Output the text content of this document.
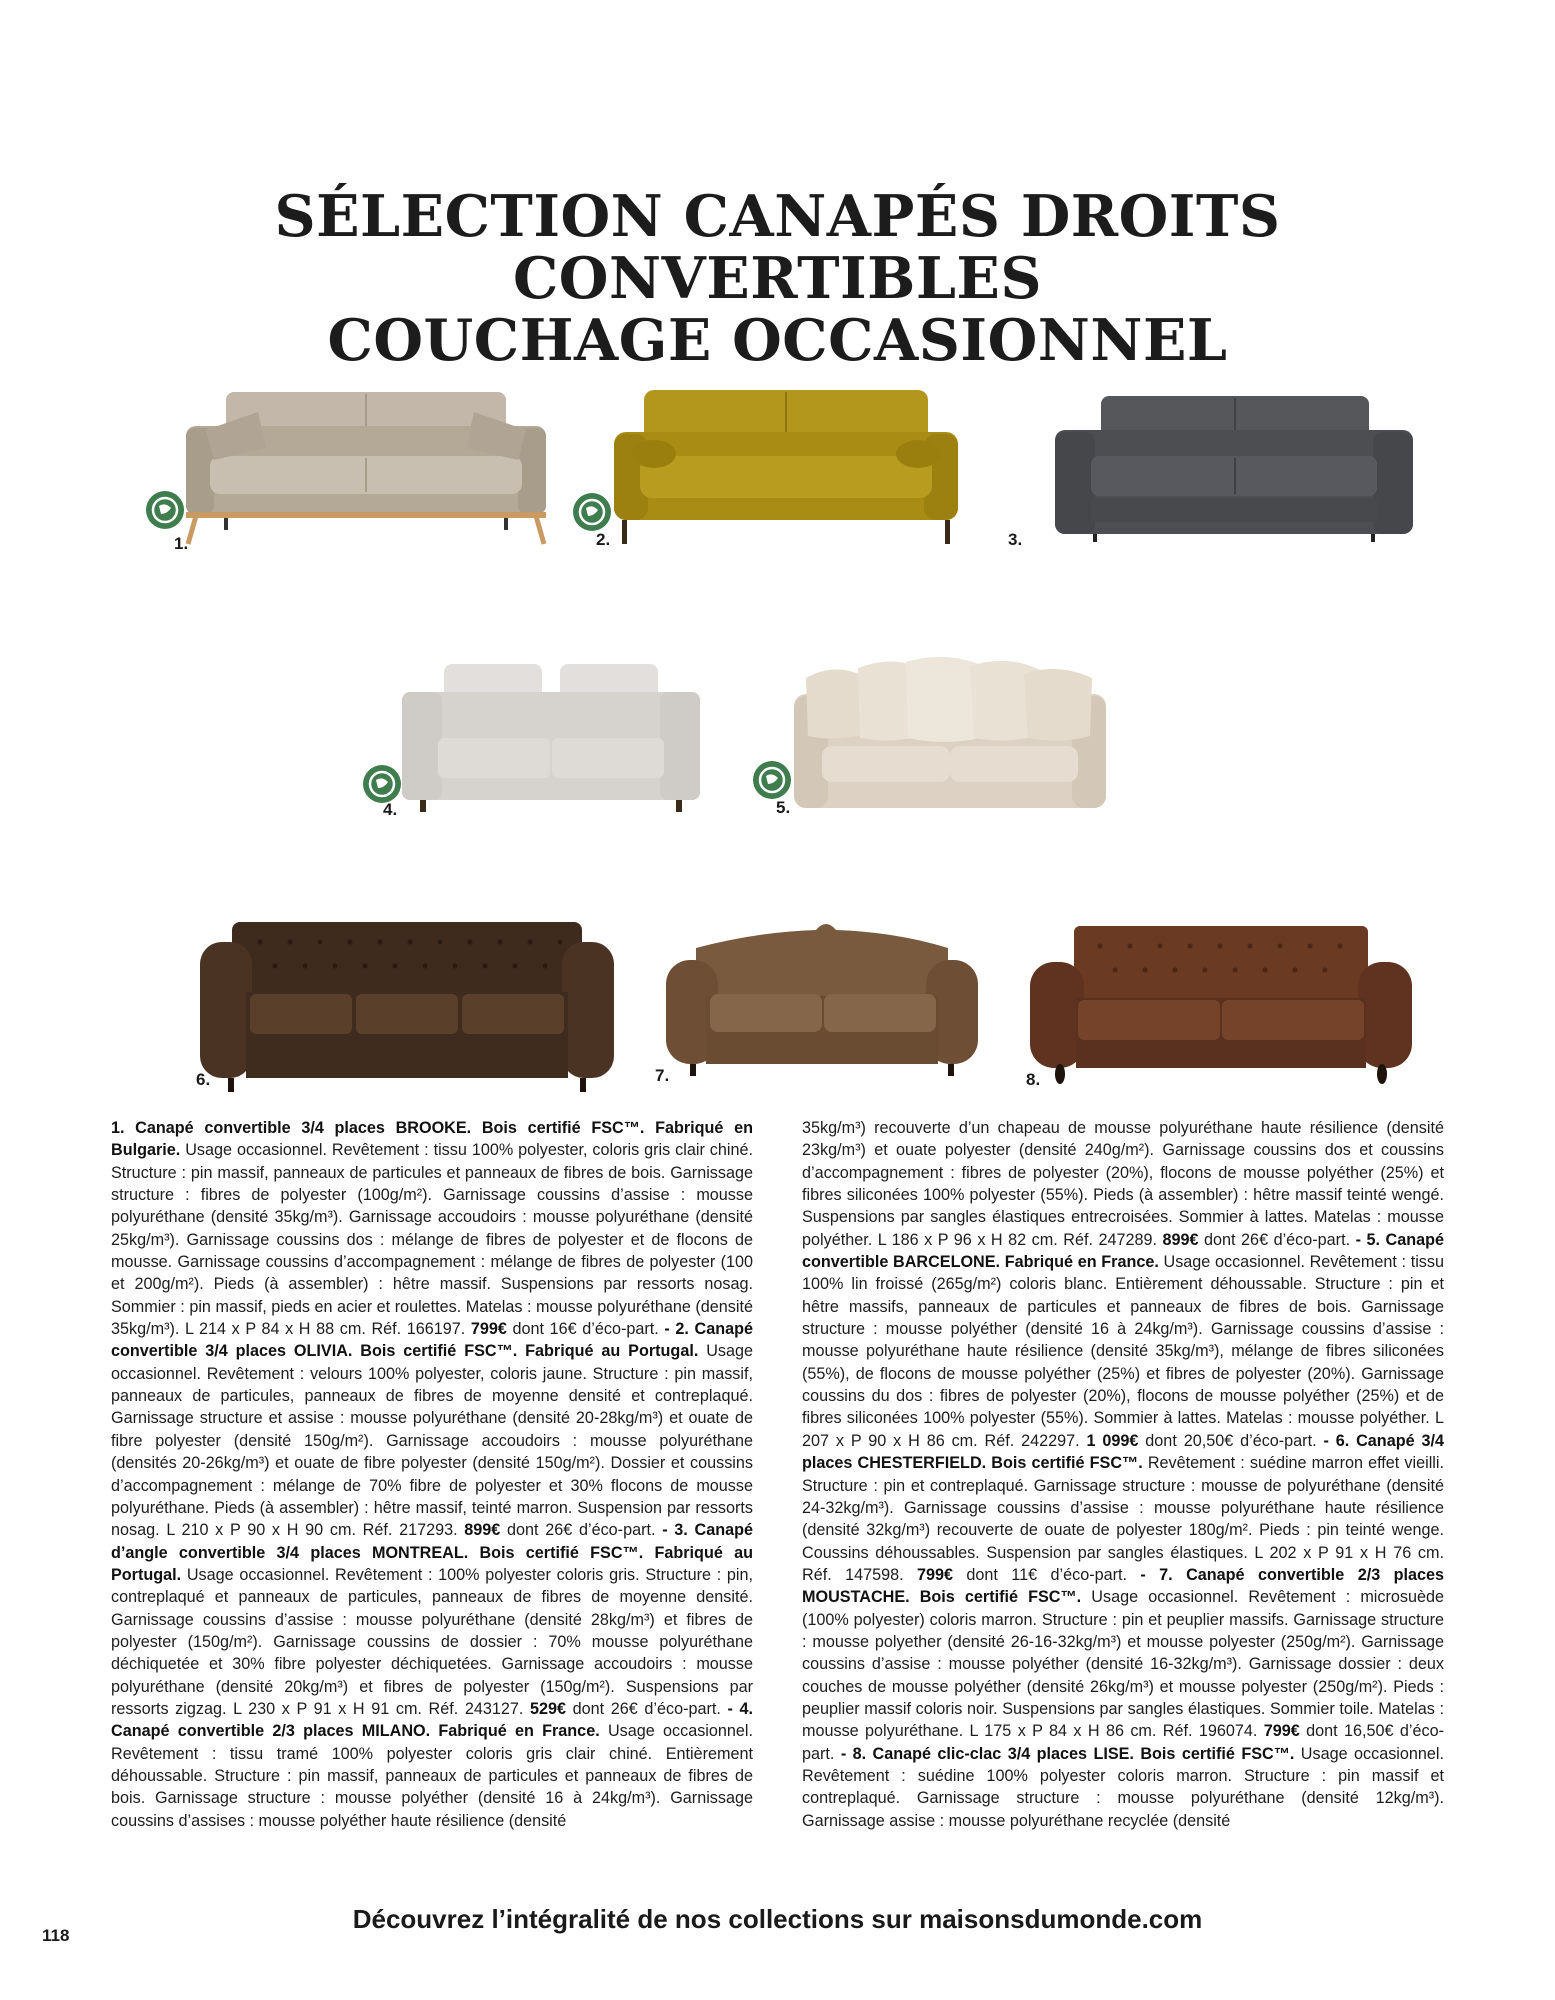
SÉLECTION CANAPÉS DROITS CONVERTIBLES
COUCHAGE OCCASIONNEL
1.	2.	3.
4.	5.
6.	7.	8.
1. Canapé convertible 3/4 places BROOKE. Bois certifié FSC™. Fabriqué en Bulgarie. Usage occasionnel. Revêtement : tissu 100% polyester, coloris gris clair chiné. Structure : pin massif, panneaux de particules et panneaux de fibres de bois. Garnissage structure : fibres de polyester (100g/m²). Garnissage coussins d’assise : mousse polyuréthane (densité 35kg/m³). Garnissage accoudoirs : mousse polyuréthane (densité 25kg/m³). Garnissage coussins dos : mélange de fibres de polyester et de flocons de mousse. Garnissage coussins d’accompagnement : mélange de fibres de polyester (100 et 200g/m²). Pieds (à assembler) : hêtre massif. Suspensions par ressorts nosag. Sommier : pin massif, pieds en acier et roulettes. Matelas : mousse polyuréthane (densité 35kg/m³). L 214 x P 84 x H 88 cm. Réf. 166197. 799€ dont 16€ d’éco-part. - 2. Canapé convertible 3/4 places OLIVIA. Bois certifié FSC™. Fabriqué au Portugal. Usage occasionnel. Revêtement : velours 100% polyester, coloris jaune. Structure : pin massif, panneaux de particules, panneaux de fibres de moyenne densité et contreplaqué. Garnissage structure et assise : mousse polyuréthane (densité 20-28kg/m³) et ouate de fibre polyester (densité 150g/m²). Garnissage accoudoirs : mousse polyuréthane (densités 20-26kg/m³) et ouate de fibre polyester (densité 150g/m²). Dossier et coussins d’accompagnement : mélange de 70% fibre de polyester et 30% flocons de mousse polyuréthane. Pieds (à assembler) : hêtre massif, teinté marron. Suspension par ressorts nosag. L 210 x P 90 x H 90 cm. Réf. 217293. 899€ dont 26€ d’éco-part. - 3. Canapé d’angle convertible 3/4 places MONTREAL. Bois certifié FSC™. Fabriqué au Portugal. Usage occasionnel. Revêtement : 100% polyester coloris gris. Structure : pin, contreplaqué et panneaux de particules, panneaux de fibres de moyenne densité. Garnissage coussins d’assise : mousse polyuréthane (densité 28kg/m³) et fibres de polyester (150g/m²). Garnissage coussins de dossier : 70% mousse polyuréthane déchiquetée et 30% fibre polyester déchiquetées. Garnissage accoudoirs : mousse polyuréthane (densité 20kg/m³) et fibres de polyester (150g/m²). Suspensions par ressorts zigzag. L 230 x P 91 x H 91 cm. Réf. 243127. 529€ dont 26€ d’éco-part. - 4. Canapé convertible 2/3 places MILANO. Fabriqué en France. Usage occasionnel. Revêtement : tissu tramé 100% polyester coloris gris clair chiné. Entièrement déhoussable. Structure : pin massif, panneaux de particules et panneaux de fibres de bois. Garnissage structure : mousse polyéther (densité 16 à 24kg/m³). Garnissage coussins d’assises : mousse polyéther haute résilience (densité
35kg/m³) recouverte d’un chapeau de mousse polyuréthane haute résilience (densité 23kg/m³) et ouate polyester (densité 240g/m²). Garnissage coussins dos et coussins d’accompagnement : fibres de polyester (20%), flocons de mousse polyéther (25%) et fibres siliconées 100% polyester (55%). Pieds (à assembler) : hêtre massif teinté wengé. Suspensions par sangles élastiques entrecroisées. Sommier à lattes. Matelas : mousse polyéther. L 186 x P 96 x H 82 cm. Réf. 247289. 899€ dont 26€ d’éco-part. - 5. Canapé convertible BARCELONE. Fabriqué en France. Usage occasionnel. Revêtement : tissu 100% lin froissé (265g/m²) coloris blanc. Entièrement déhoussable. Structure : pin et hêtre massifs, panneaux de particules et panneaux de fibres de bois. Garnissage structure : mousse polyéther (densité 16 à 24kg/m³). Garnissage coussins d’assise : mousse polyuréthane haute résilience (densité 35kg/m³), mélange de fibres siliconées (55%), de flocons de mousse polyéther (25%) et fibres de polyester (20%). Garnissage coussins du dos : fibres de polyester (20%), flocons de mousse polyéther (25%) et de fibres siliconées 100% polyester (55%). Sommier à lattes. Matelas : mousse polyéther. L 207 x P 90 x H 86 cm. Réf. 242297. 1 099€ dont 20,50€ d’éco-part. - 6. Canapé 3/4 places CHESTERFIELD. Bois certifié FSC™. Revêtement : suédine marron effet vieilli. Structure : pin et contreplaqué. Garnissage structure : mousse de polyuréthane (densité 24-32kg/m³). Garnissage coussins d’assise : mousse polyuréthane haute résilience (densité 32kg/m³) recouverte de ouate de polyester 180g/m². Pieds : pin teinté wenge. Coussins déhoussables. Suspension par sangles élastiques. L 202 x P 91 x H 76 cm. Réf. 147598. 799€ dont 11€ d’éco-part. - 7. Canapé convertible 2/3 places MOUSTACHE. Bois certifié FSC™. Usage occasionnel. Revêtement : microsuède (100% polyester) coloris marron. Structure : pin et peuplier massifs. Garnissage structure : mousse polyether (densité 26-16-32kg/m³) et mousse polyester (250g/m²). Garnissage coussins d’assise : mousse polyéther (densité 16-32kg/m³). Garnissage dossier : deux couches de mousse polyéther (densité 26kg/m³) et mousse polyester (250g/m²). Pieds : peuplier massif coloris noir. Suspensions par sangles élastiques. Sommier toile. Matelas : mousse polyuréthane. L 175 x P 84 x H 86 cm. Réf. 196074. 799€ dont 16,50€ d’éco-part. - 8. Canapé clic-clac 3/4 places LISE. Bois certifié FSC™. Usage occasionnel. Revêtement : suédine 100% polyester coloris marron. Structure : pin massif et contreplaqué. Garnissage structure : mousse polyuréthane (densité 12kg/m³). Garnissage assise : mousse polyuréthane recyclée (densité
Découvrez l’intégralité de nos collections sur maisonsdumonde.com
118
